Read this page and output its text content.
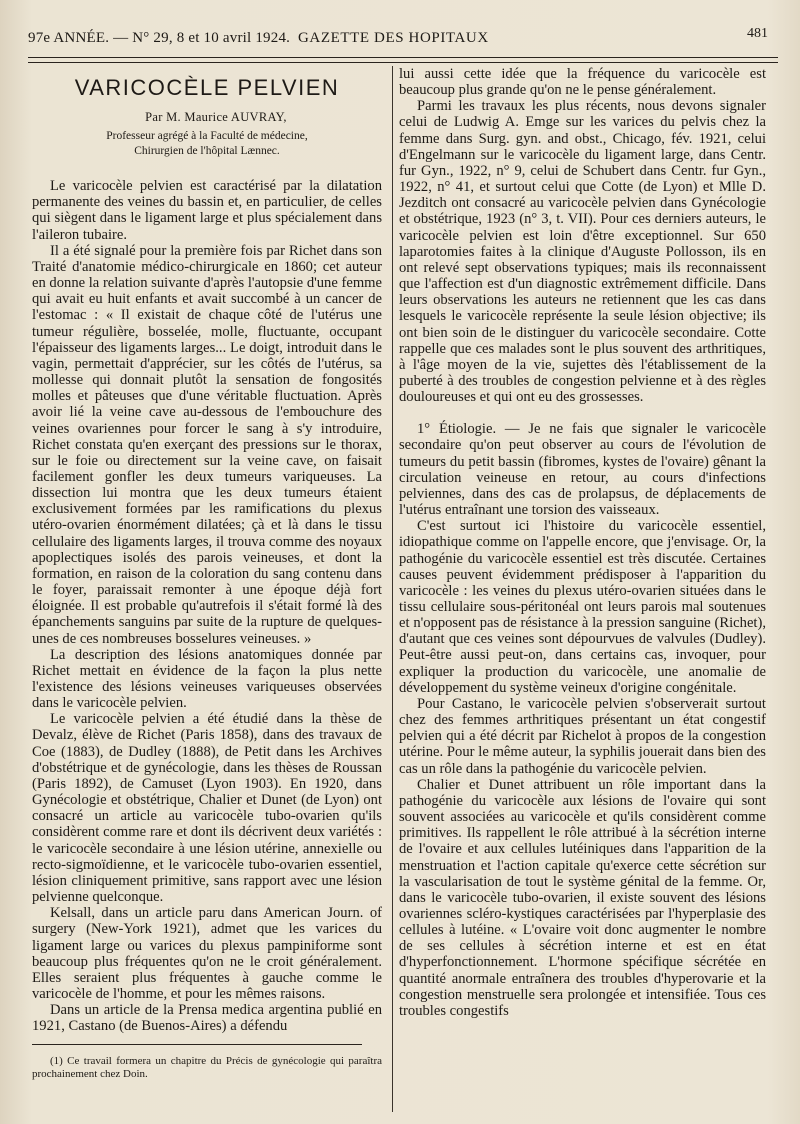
97e ANNÉE. — N° 29, 8 et 10 avril 1924. GAZETTE DES HOPITAUX	481
VARICOCÈLE PELVIEN

Par M. Maurice AUVRAY,

Professeur agrégé à la Faculté de médecine,
Chirurgien de l'hôpital Lænnec.

Le varicocèle pelvien est caractérisé par la dilatation permanente des veines du bassin et, en particulier, de celles qui siègent dans le ligament large et plus spécialement dans l'aileron tubaire.

Il a été signalé pour la première fois par Richet dans son Traité d'anatomie médico-chirurgicale en 1860; cet auteur en donne la relation suivante d'après l'autopsie d'une femme qui avait eu huit enfants et avait succombé à un cancer de l'estomac : « Il existait de chaque côté de l'utérus une tumeur régulière, bosselée, molle, fluctuante, occupant l'épaisseur des ligaments larges... Le doigt, introduit dans le vagin, permettait d'apprécier, sur les côtés de l'utérus, sa mollesse qui donnait plutôt la sensation de fongosités molles et pâteuses que d'une véritable fluctuation. Après avoir lié la veine cave au-dessous de l'embouchure des veines ovariennes pour forcer le sang à s'y introduire, Richet constata qu'en exerçant des pressions sur le thorax, sur le foie ou directement sur la veine cave, on faisait facilement gonfler les deux tumeurs variqueuses. La dissection lui montra que les deux tumeurs étaient exclusivement formées par les ramifications du plexus utéro-ovarien énormément dilatées; çà et là dans le tissu cellulaire des ligaments larges, il trouva comme des noyaux apoplectiques isolés des parois veineuses, et dont la formation, en raison de la coloration du sang contenu dans le foyer, paraissait remonter à une époque déjà fort éloignée. Il est probable qu'autrefois il s'était formé là des épanchements sanguins par suite de la rupture de quelques-unes de ces nombreuses bosselures veineuses. »

La description des lésions anatomiques donnée par Richet mettait en évidence de la façon la plus nette l'existence des lésions veineuses variqueuses observées dans le varicocèle pelvien.

Le varicocèle pelvien a été étudié dans la thèse de Devalz, élève de Richet (Paris 1858), dans des travaux de Coe (1883), de Dudley (1888), de Petit dans les Archives d'obstétrique et de gynécologie, dans les thèses de Roussan (Paris 1892), de Camuset (Lyon 1903). En 1920, dans Gynécologie et obstétrique, Chalier et Dunet (de Lyon) ont consacré un article au varicocèle tubo-ovarien qu'ils considèrent comme rare et dont ils décrivent deux variétés : le varicocèle secondaire à une lésion utérine, annexielle ou recto-sigmoïdienne, et le varicocèle tubo-ovarien essentiel, lésion cliniquement primitive, sans rapport avec une lésion pelvienne quelconque.

Kelsall, dans un article paru dans American Journ. of surgery (New-York 1921), admet que les varices du ligament large ou varices du plexus pampiniforme sont beaucoup plus fréquentes qu'on ne le croit généralement. Elles seraient plus fréquentes à gauche comme le varicocèle de l'homme, et pour les mêmes raisons.

Dans un article de la Prensa medica argentina publié en 1921, Castano (de Buenos-Aires) a défendu

(1) Ce travail formera un chapitre du Précis de gynécologie qui paraîtra prochainement chez Doin.

lui aussi cette idée que la fréquence du varicocèle est beaucoup plus grande qu'on ne le pense généralement.

Parmi les travaux les plus récents, nous devons signaler celui de Ludwig A. Emge sur les varices du pelvis chez la femme dans Surg. gyn. and obst., Chicago, fév. 1921, celui d'Engelmann sur le varicocèle du ligament large, dans Centr. fur Gyn., 1922, n° 9, celui de Schubert dans Centr. fur Gyn., 1922, n° 41, et surtout celui que Cotte (de Lyon) et Mlle D. Jezditch ont consacré au varicocèle pelvien dans Gynécologie et obstétrique, 1923 (n° 3, t. VII). Pour ces derniers auteurs, le varicocèle pelvien est loin d'être exceptionnel. Sur 650 laparotomies faites à la clinique d'Auguste Pollosson, ils en ont relevé sept observations typiques; mais ils reconnaissent que l'affection est d'un diagnostic extrêmement difficile. Dans leurs observations les auteurs ne retiennent que les cas dans lesquels le varicocèle représente la seule lésion objective; ils ont bien soin de le distinguer du varicocèle secondaire. Cotte rappelle que ces malades sont le plus souvent des arthritiques, à l'âge moyen de la vie, sujettes dès l'établissement de la puberté à des troubles de congestion pelvienne et à des règles douloureuses et qui ont eu des grossesses.

1° Étiologie. — Je ne fais que signaler le varicocèle secondaire qu'on peut observer au cours de l'évolution de tumeurs du petit bassin (fibromes, kystes de l'ovaire) gênant la circulation veineuse en retour, au cours d'infections pelviennes, dans des cas de prolapsus, de déplacements de l'utérus entraînant une torsion des vaisseaux.

C'est surtout ici l'histoire du varicocèle essentiel, idiopathique comme on l'appelle encore, que j'envisage. Or, la pathogénie du varicocèle essentiel est très discutée. Certaines causes peuvent évidemment prédisposer à l'apparition du varicocèle : les veines du plexus utéro-ovarien situées dans le tissu cellulaire sous-péritonéal ont leurs parois mal soutenues et n'opposent pas de résistance à la pression sanguine (Richet), d'autant que ces veines sont dépourvues de valvules (Dudley). Peut-être aussi peut-on, dans certains cas, invoquer, pour expliquer la production du varicocèle, une anomalie de développement du système veineux d'origine congénitale.

Pour Castano, le varicocèle pelvien s'observerait surtout chez des femmes arthritiques présentant un état congestif pelvien qui a été décrit par Richelot à propos de la congestion utérine. Pour le même auteur, la syphilis jouerait dans bien des cas un rôle dans la pathogénie du varicocèle pelvien.

Chalier et Dunet attribuent un rôle important dans la pathogénie du varicocèle aux lésions de l'ovaire qui sont souvent associées au varicocèle et qu'ils considèrent comme primitives. Ils rappellent le rôle attribué à la sécrétion interne de l'ovaire et aux cellules lutéiniques dans l'apparition de la menstruation et l'action capitale qu'exerce cette sécrétion sur la vascularisation de tout le système génital de la femme. Or, dans le varicocèle tubo-ovarien, il existe souvent des lésions ovariennes scléro-kystiques caractérisées par l'hyperplasie des cellules à lutéine. « L'ovaire voit donc augmenter le nombre de ses cellules à sécrétion interne et est en état d'hyperfonctionnement. L'hormone spécifique sécrétée en quantité anormale entraînera des troubles d'hyperovarie et la congestion menstruelle sera prolongée et intensifiée. Tous ces troubles congestifs
